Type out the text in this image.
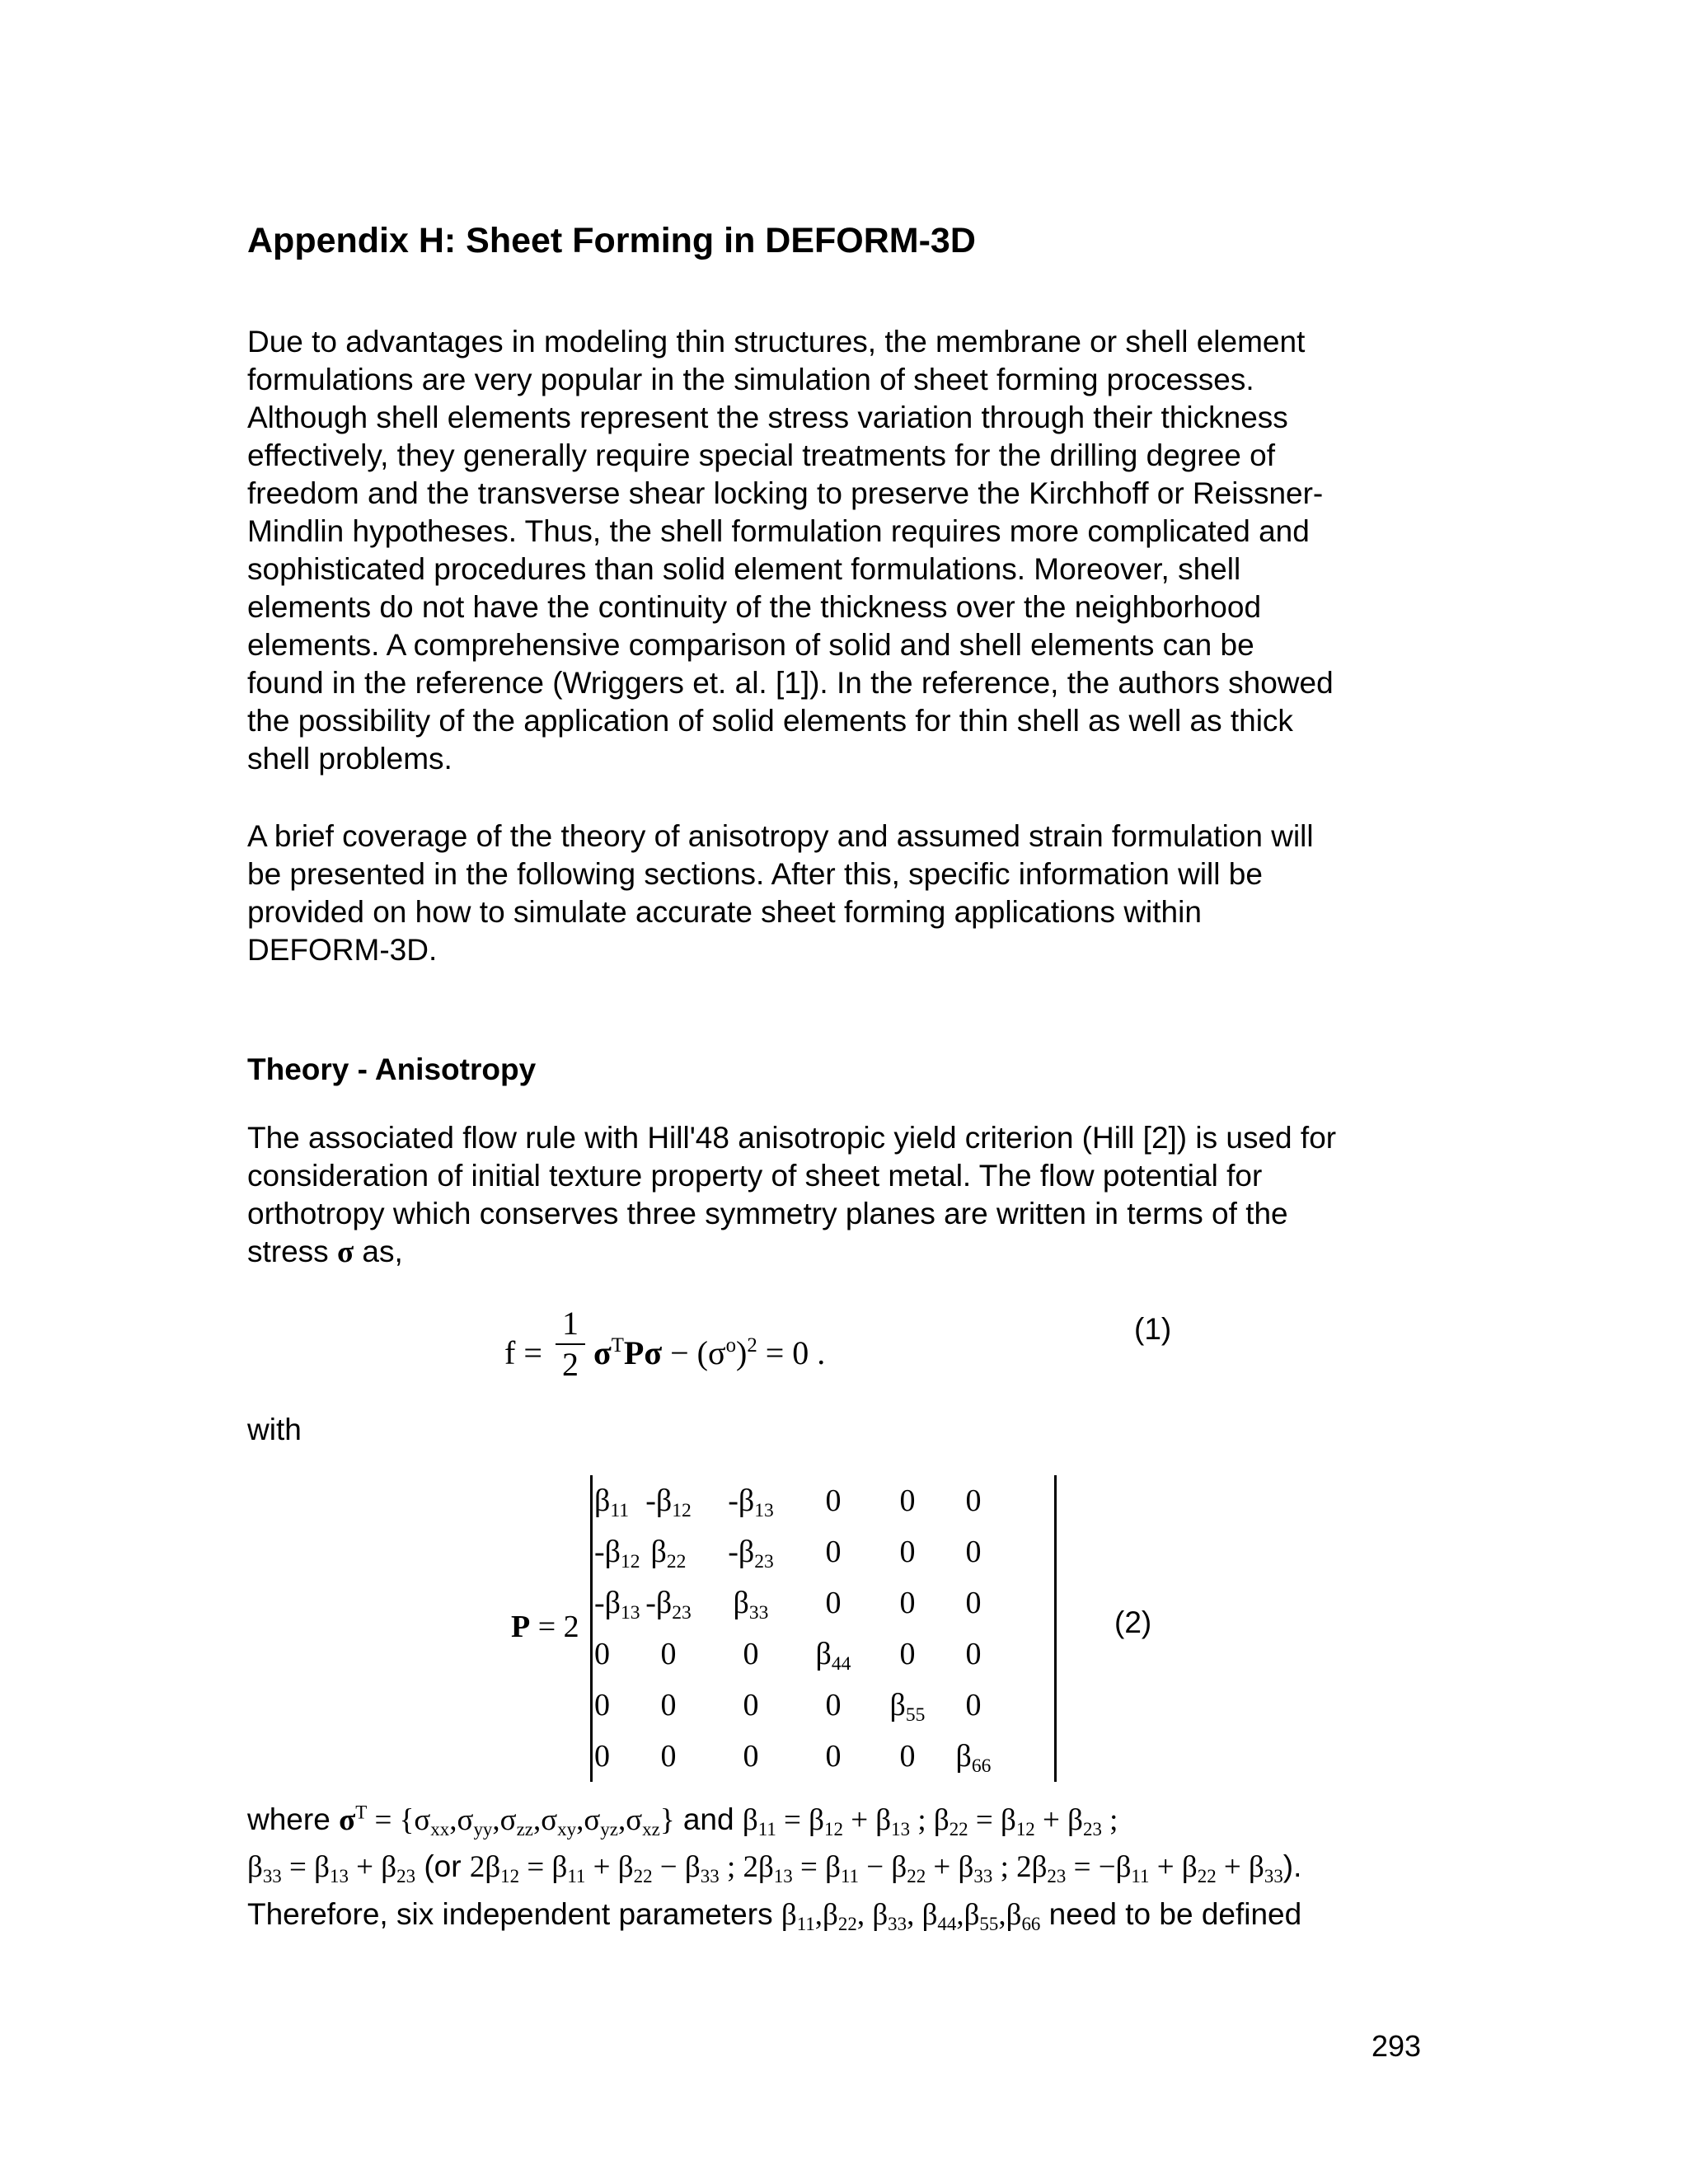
Appendix H: Sheet Forming in DEFORM-3D
Due to advantages in modeling thin structures, the membrane or shell element
formulations are very popular in the simulation of sheet forming processes.
Although shell elements represent the stress variation through their thickness
effectively, they generally require special treatments for the drilling degree of
freedom and the transverse shear locking to preserve the Kirchhoff or Reissner-
Mindlin hypotheses. Thus, the shell formulation requires more complicated and
sophisticated procedures than solid element formulations. Moreover, shell
elements do not have the continuity of the thickness over the neighborhood
elements. A comprehensive comparison of solid and shell elements can be
found in the reference (Wriggers et. al. [1]). In the reference, the authors showed
the possibility of the application of solid elements for thin shell as well as thick
shell problems.
A brief coverage of the theory of anisotropy and assumed strain formulation will
be presented in the following sections. After this, specific information will be
provided on how to simulate accurate sheet forming applications within
DEFORM-3D.
Theory - Anisotropy
The associated flow rule with Hill'48 anisotropic yield criterion (Hill [2]) is used for
consideration of initial texture property of sheet metal. The flow potential for
orthotropy which conserves three symmetry planes are written in terms of the
stress σ as,
f =
1
2 $\sigma^TP\sigma - (\sigma^o)^2 = 0$ .
(1)
with
P = 2
$\beta_{11}$ $-\beta_{12}$	$-\beta_{13}$	0	0	0
$-\beta_{12}$ $\beta_{22}$	$-\beta_{23}$	0	0	0
$-\beta_{13}$ $-\beta_{23}$	$\beta_{33}$	0	0	0
0	0	0	$\beta_{44}$	0	0
0	0	0	0	$\beta_{55}$	0
0	0	0	0	0	$\beta_{66}$
(2)
where $\sigma^T = \{\sigma_{xx},\sigma_{yy},\sigma_{zz},\sigma_{xy},\sigma_{yz},\sigma_{xz}\}$ and $\beta_{11} = \beta_{12} + \beta_{13}$ ; $\beta_{22} = \beta_{12} + \beta_{23}$ ;
$\beta_{33} = \beta_{13} + \beta_{23}$ (or $2\beta_{12} = \beta_{11} + \beta_{22} - \beta_{33}$ ; $2\beta_{13} = \beta_{11} - \beta_{22} + \beta_{33}$ ; $2\beta_{23} = -\beta_{11} + \beta_{22} + \beta_{33}$).
Therefore, six independent parameters $\beta_{11},\beta_{22}$, $\beta_{33}$, $\beta_{44},\beta_{55},\beta_{66}$ need to be defined
293
